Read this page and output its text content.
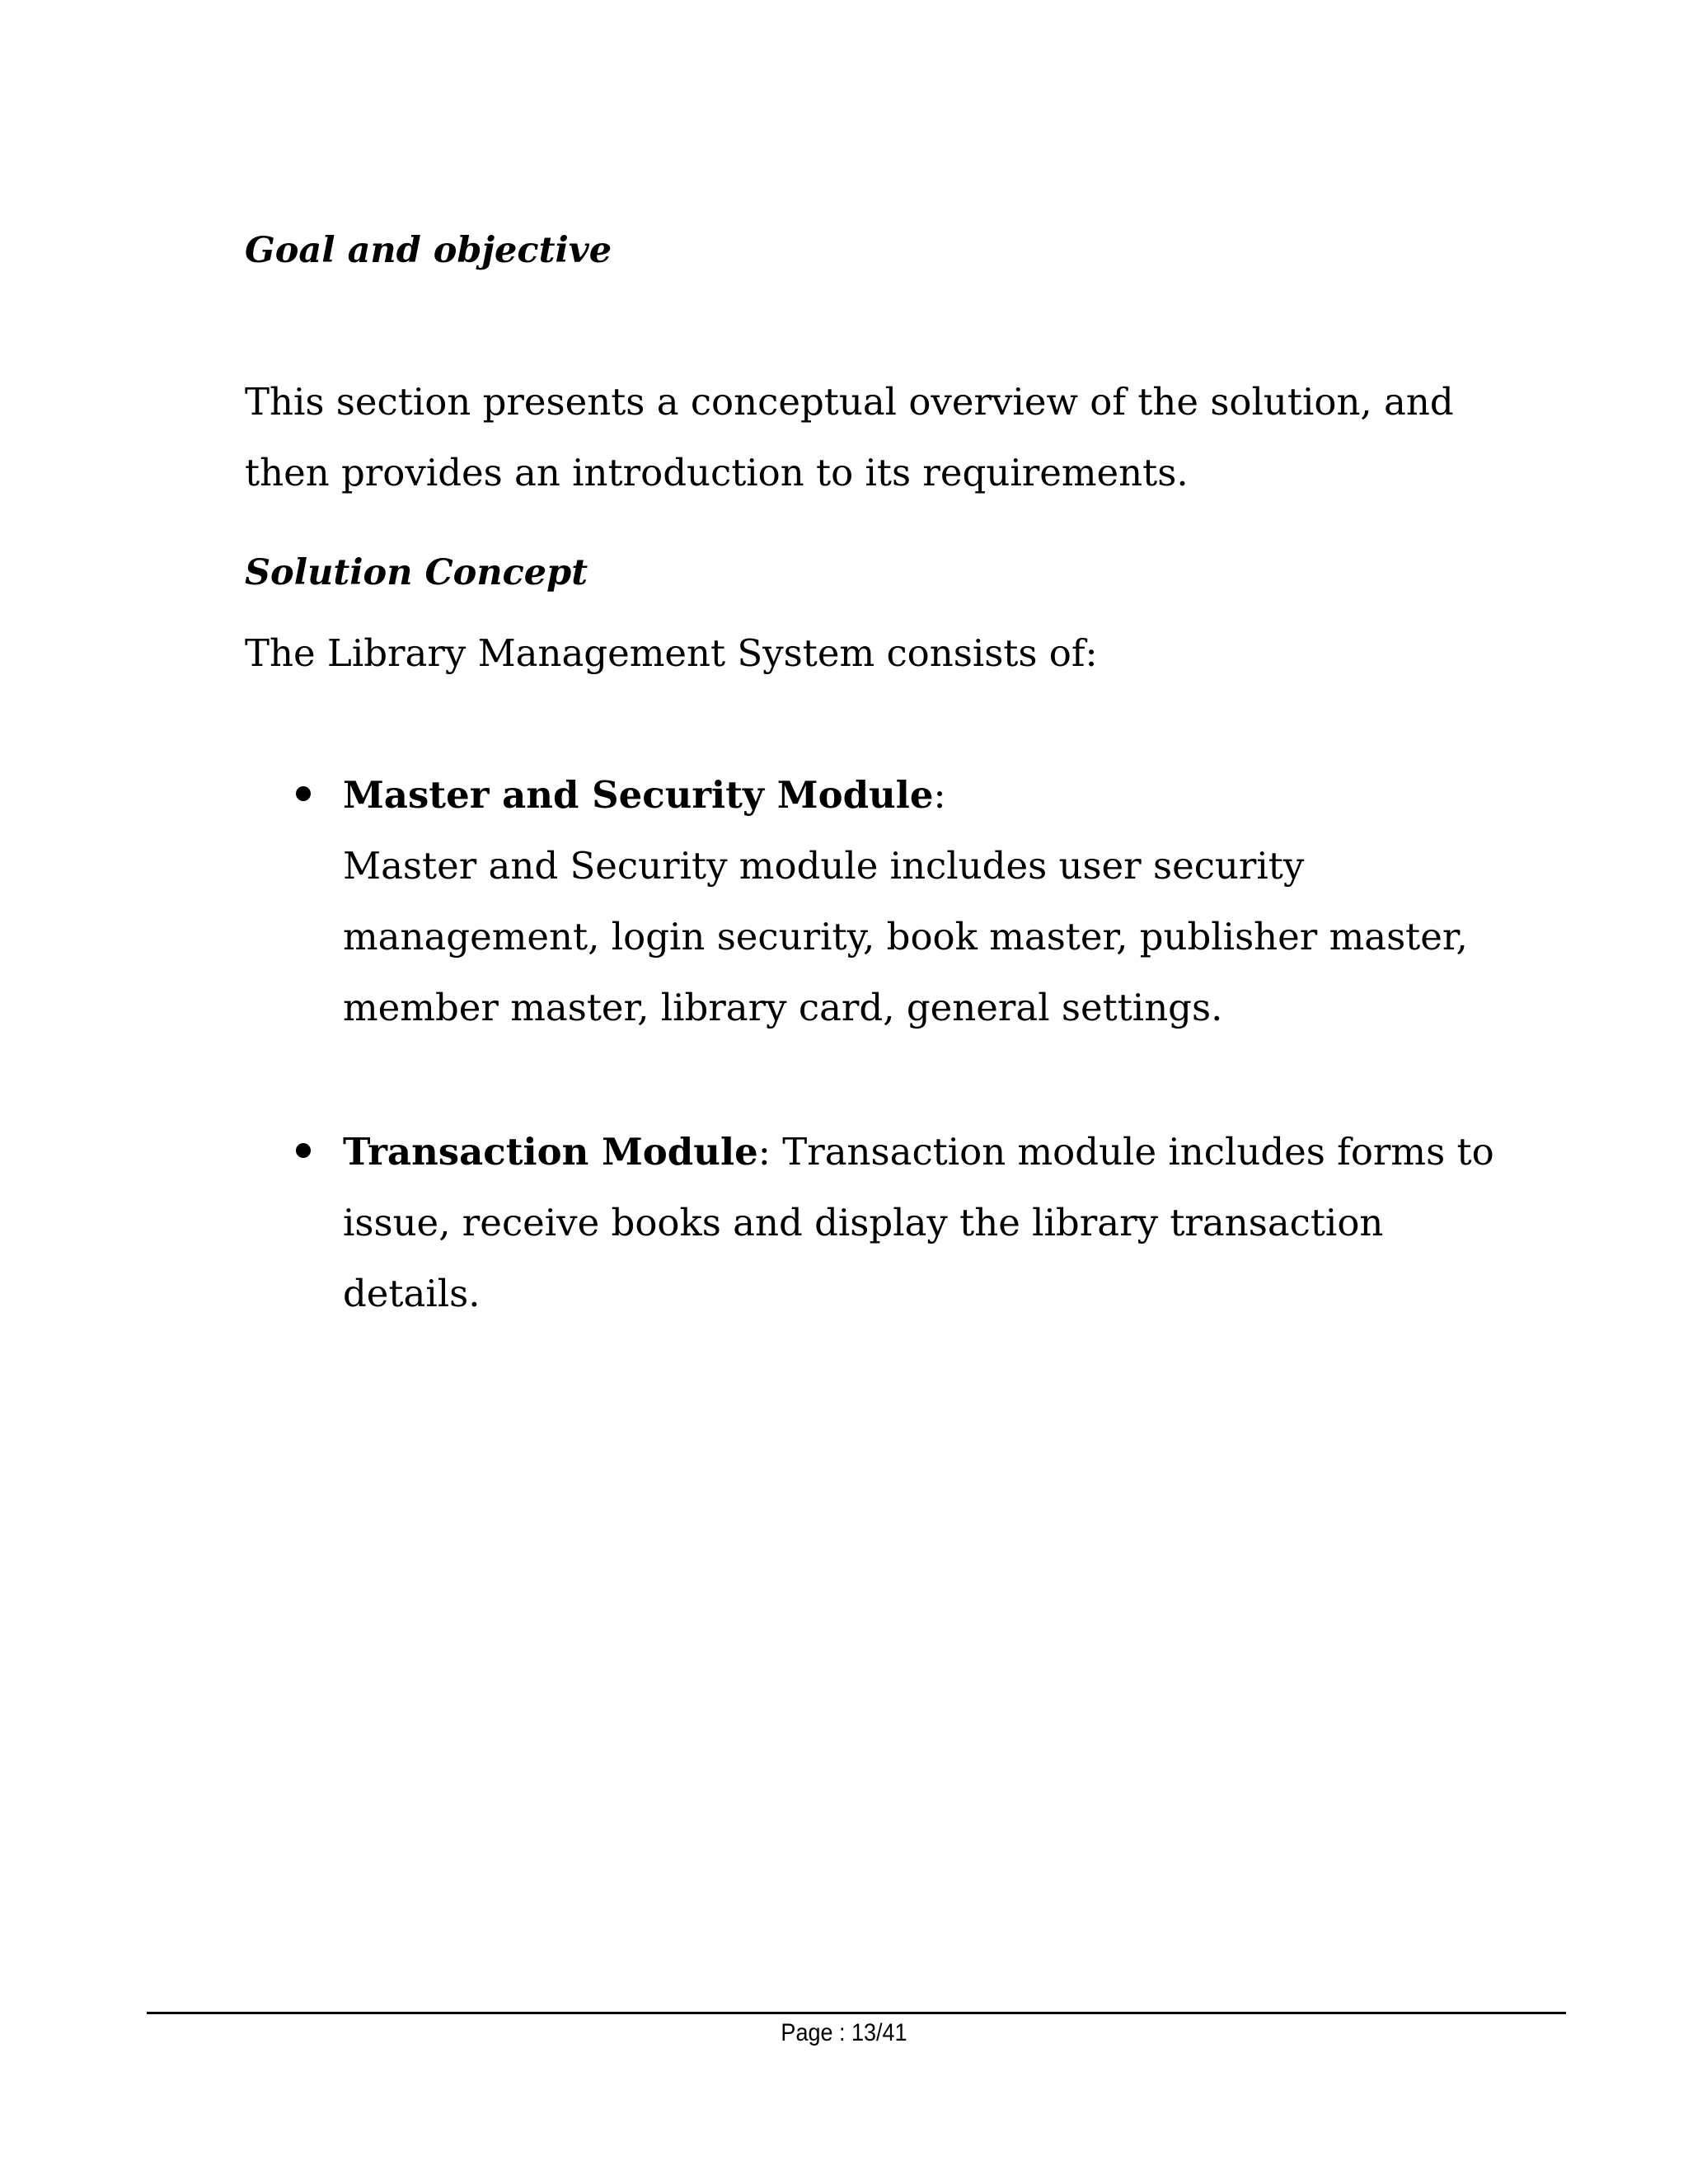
Goal and objective

This section presents a conceptual overview of the solution, and then provides an introduction to its requirements.

Solution Concept

The Library Management System consists of:

Master and Security Module:
Master and Security module includes user security management, login security, book master, publisher master, member master, library card, general settings.

Transaction Module: Transaction module includes forms to issue, receive books and display the library transaction details.

Page : 13/41
